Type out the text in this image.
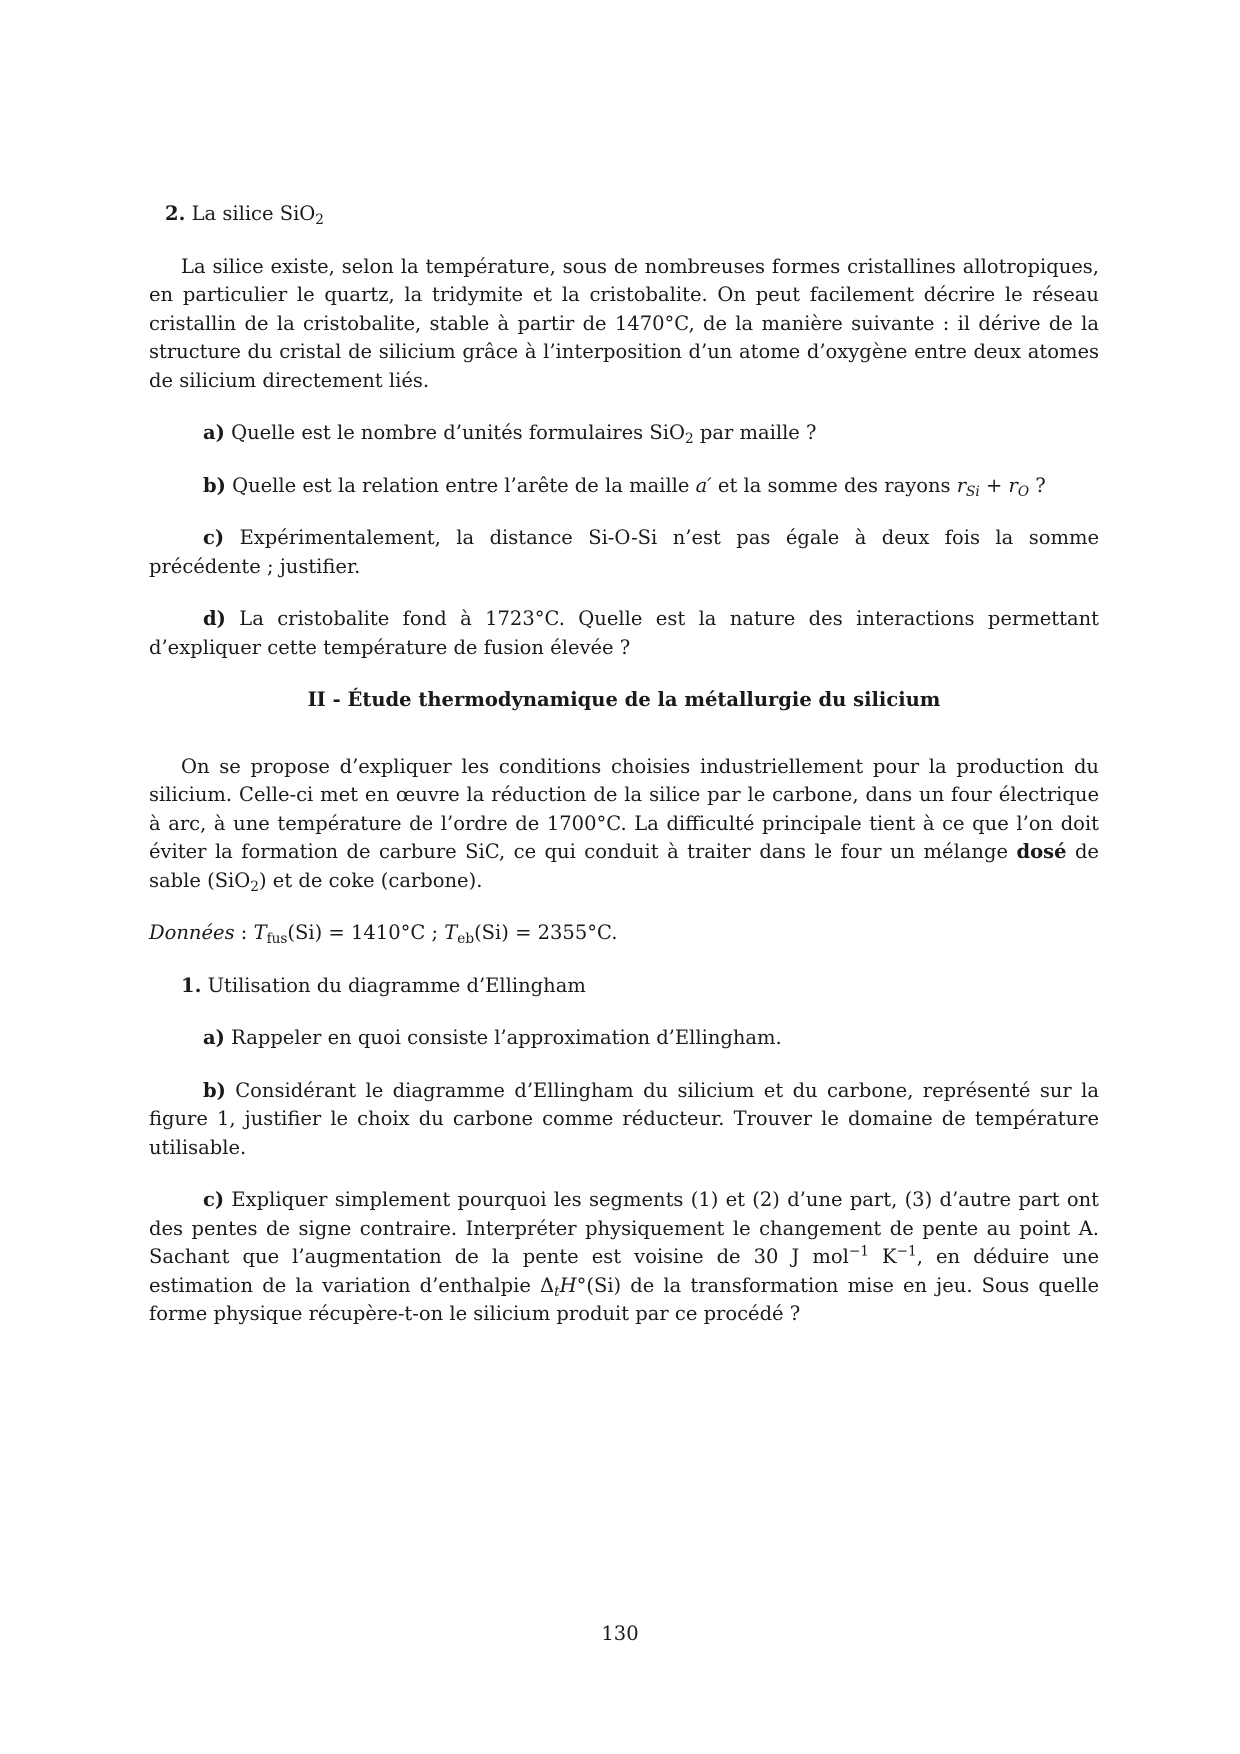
2. La silice SiO$_2$

La silice existe, selon la température, sous de nombreuses formes cristallines allotropiques, en particulier le quartz, la tridymite et la cristobalite. On peut facilement décrire le réseau cristallin de la cristobalite, stable à partir de 1470°C, de la manière suivante : il dérive de la structure du cristal de silicium grâce à l’interposition d’un atome d’oxygène entre deux atomes de silicium directement liés.

a) Quelle est le nombre d’unités formulaires SiO$_2$ par maille ?

b) Quelle est la relation entre l’arête de la maille a′ et la somme des rayons $r_{Si} + r_O$ ?

c) Expérimentalement, la distance Si-O-Si n’est pas égale à deux fois la somme précédente ; justifier.

d) La cristobalite fond à 1723°C. Quelle est la nature des interactions permettant d’expliquer cette température de fusion élevée ?

II - Étude thermodynamique de la métallurgie du silicium

On se propose d’expliquer les conditions choisies industriellement pour la production du silicium. Celle-ci met en œuvre la réduction de la silice par le carbone, dans un four électrique à arc, à une température de l’ordre de 1700°C. La difficulté principale tient à ce que l’on doit éviter la formation de carbure SiC, ce qui conduit à traiter dans le four un mélange dosé de sable (SiO$_2$) et de coke (carbone).

Données : $T_{fus}(Si) = 1410^\circ C$ ; $T_{eb}(Si) = 2355^\circ C$.

1. Utilisation du diagramme d’Ellingham

a) Rappeler en quoi consiste l’approximation d’Ellingham.

b) Considérant le diagramme d’Ellingham du silicium et du carbone, représenté sur la figure 1, justifier le choix du carbone comme réducteur. Trouver le domaine de température utilisable.

c) Expliquer simplement pourquoi les segments (1) et (2) d’une part, (3) d’autre part ont des pentes de signe contraire. Interpréter physiquement le changement de pente au point A. Sachant que l’augmentation de la pente est voisine de 30 J mol$^{-1}$ $K^{-1}$, en déduire une estimation de la variation d’enthalpie $\Delta_tH^\circ(Si)$ de la transformation mise en jeu. Sous quelle forme physique récupère-t-on le silicium produit par ce procédé ?

130
